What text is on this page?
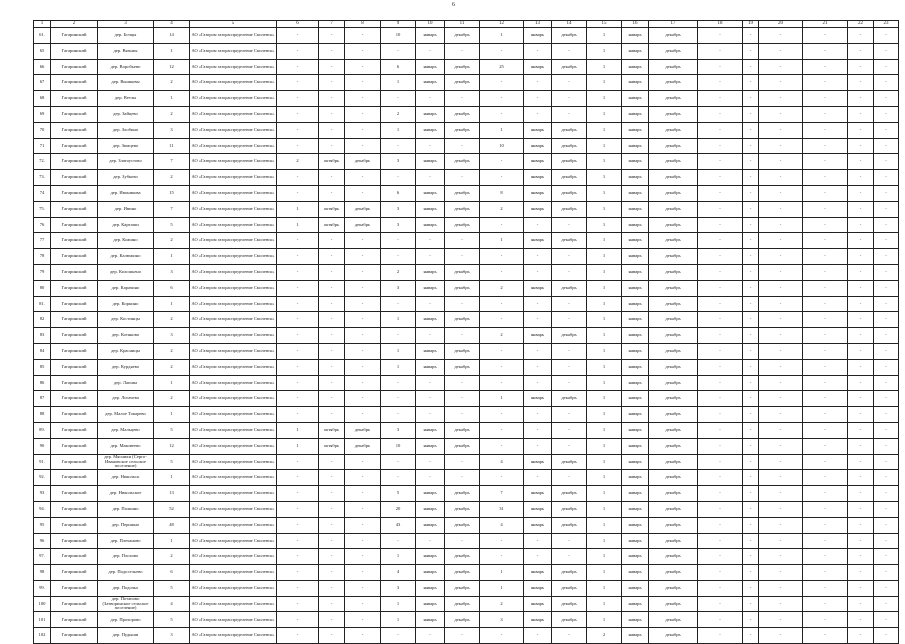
6
1	2	3	4	5	6	7	8	9	10	11	12	13	14	15	16	17	18	19	20	21	22	23
61.	Гагаринский	дер. Бочцы	14	АО «Газпром газораспределение Смоленск»	-	-	-	10	январь	декабрь	1	январь	декабрь	1	январь	декабрь	-	-	-	-	-	-
65	Гагаринский	дер. Вязьмы	1	АО «Газпром газораспределение Смоленск»	-	-	-	-	-	-	-	-	-	1	январь	декабрь	-	-	-	-	-	-
66	Гагаринский	дер. Воробьево	12	АО «Газпром газораспределение Смоленск»	-	-	-	6	январь	декабрь	25	январь	декабрь	1	январь	декабрь	-	-	-	-	-	-
67	Гагаринский	дер. Вышковы	2	АО «Газпром газораспределение Смоленск»	-	-	-	1	январь	декабрь	-	-	-	1	январь	декабрь	-	-	-	-	-	-
68	Гагаринский	дер. Ветлы	1	АО «Газпром газораспределение Смоленск»	-	-	-	-	-	-	-	-	-	1	январь	декабрь	-	-	-	-	-	-
69	Гагаринский	дер. Зайцево	2	АО «Газпром газораспределение Смоленск»	-	-	-	2	январь	декабрь	-	-	-	1	январь	декабрь	-	-	-	-	-	-
70	Гагаринский	дер. Злобино	3	АО «Газпром газораспределение Смоленск»	-	-	-	1	январь	декабрь	1	январь	декабрь	1	январь	декабрь	-	-	-	-	-	-
71	Гагаринский	дер. Зимцево	11	АО «Газпром газораспределение Смоленск»	-	-	-	-	-	-	10	январь	декабрь	1	январь	декабрь	-	-	-	-	-	-
72.	Гагаринский	дер. Златоустово	7	АО «Газпром газораспределение Смоленск»	2	октябрь	декабрь	3	январь	декабрь	-	январь	декабрь	1	январь	декабрь	-	-	-	-	-	-
73.	Гагаринский	дер. Зубково	2	АО «Газпром газораспределение Смоленск»	-	-	-	-	-	-	-	январь	декабрь	1	январь	декабрь	-	-	-	-	-	-
74	Гагаринский	дер. Ивоникова	15	АО «Газпром газораспределение Смоленск»	-	-	-	6	январь	декабрь	8	январь	декабрь	1	январь	декабрь	-	-	-	-	-	-
75.	Гагаринский	дер. Ивино	7	АО «Газпром газораспределение Смоленск»	1	октябрь	декабрь	3	январь	декабрь	2	январь	декабрь	1	январь	декабрь	-	-	-	-	-	-
76	Гагаринский	дер. Карташи	5	АО «Газпром газораспределение Смоленск»	1	октябрь	декабрь	3	январь	декабрь	-	-	-	1	январь	декабрь	-	-	-	-	-	-
77	Гагаринский	дер. Кожино	2	АО «Газпром газораспределение Смоленск»	-	-	-	-	-	-	1	январь	декабрь	1	январь	декабрь	-	-	-	-	-	-
78	Гагаринский	дер. Калюжино	1	АО «Газпром газораспределение Смоленск»	-	-	-	-	-	-	-	-	-	1	январь	декабрь	-	-	-	-	-	-
79	Гагаринский	дер. Колошьено	3	АО «Газпром газораспределение Смоленск»	-	-	-	2	январь	декабрь	-	-	-	1	январь	декабрь	-	-	-	-	-	-
80	Гагаринский	дер. Карачино	6	АО «Газпром газораспределение Смоленск»	-	-	-	3	январь	декабрь	2	январь	декабрь	1	январь	декабрь	-	-	-	-	-	-
81.	Гагаринский	дер. Коркино	1	АО «Газпром газораспределение Смоленск»	-	-	-	-	-	-	-	-	-	1	январь	декабрь	-	-	-	-	-	-
82	Гагаринский	дер. Костинцы	2	АО «Газпром газораспределение Смоленск»	-	-	-	1	январь	декабрь	-	-	-	1	январь	декабрь	-	-	-	-	-	-
83	Гагаринский	дер. Котяново	3	АО «Газпром газораспределение Смоленск»	-	-	-	-	-	-	2	январь	декабрь	1	январь	декабрь	-	-	-	-	-	-
84	Гагаринский	дер. Красницы	2	АО «Газпром газораспределение Смоленск»	-	-	-	1	январь	декабрь	-	-	-	1	январь	декабрь	-	-	-	-	-	-
85	Гагаринский	дер. Курдяево	2	АО «Газпром газораспределение Смоленск»	-	-	-	1	январь	декабрь	-	-	-	1	январь	декабрь	-	-	-	-	-	-
86	Гагаринский	дер. Лапшы	1	АО «Газпром газораспределение Смоленск»	-	-	-	-	-	-	-	-	-	1	январь	декабрь	-	-	-	-	-	-
87	Гагаринский	дер. Логачева	2	АО «Газпром газораспределение Смоленск»	-	-	-	-	-	-	1	январь	декабрь	1	январь	декабрь	-	-	-	-	-	-
88	Гагаринский	дер. Малое Токарево	1	АО «Газпром газораспределение Смоленск»	-	-	-	-	-	-	-	-	-	1	январь	декабрь	-	-	-	-	-	-
89.	Гагаринский	дер. Мальцево	5	АО «Газпром газораспределение Смоленск»	1	октябрь	декабрь	3	январь	декабрь	-	-	-	1	январь	декабрь	-	-	-	-	-	-
90	Гагаринский	дер. Маковеево	12	АО «Газпром газораспределение Смоленск»	1	октябрь	декабрь	10	январь	декабрь	-	-	-	1	январь	декабрь	-	-	-	-	-	-
91.	Гагаринский	дер. Мясники (Серго-Ивановское сельское поселение)	5	АО «Газпром газораспределение Смоленск»	-	-	-	-	-	-	4	январь	декабрь	1	январь	декабрь	-	-	-	-	-	-
92.	Гагаринский	дер. Никольск	1	АО «Газпром газораспределение Смоленск»	-	-	-	-	-	-	-	-	-	1	январь	декабрь	-	-	-	-	-	-
93	Гагаринский	дер. Никольское	13	АО «Газпром газораспределение Смоленск»	-	-	-	5	январь	декабрь	7	январь	декабрь	1	январь	декабрь	-	-	-	-	-	-
94.	Гагаринский	дер. Палкино	52	АО «Газпром газораспределение Смоленск»	-	-	-	20	январь	декабрь	31	январь	декабрь	1	январь	декабрь	-	-	-	-	-	-
95	Гагаринский	дер. Першино	48	АО «Газпром газораспределение Смоленск»	-	-	-	43	январь	декабрь	4	январь	декабрь	1	январь	декабрь	-	-	-	-	-	-
96	Гагаринский	дер. Плеханово	1	АО «Газпром газораспределение Смоленск»	-	-	-	-	-	-	-	-	-	1	январь	декабрь	-	-	-	-	-	-
97.	Гагаринский	дер. Плохово	2	АО «Газпром газораспределение Смоленск»	-	-	-	1	январь	декабрь	-	-	-	1	январь	декабрь	-	-	-	-	-	-
98	Гагаринский	дер. Подосельево	6	АО «Газпром газораспределение Смоленск»	-	-	-	4	январь	декабрь	1	январь	декабрь	1	январь	декабрь	-	-	-	-	-	-
99.	Гагаринский	дер. Подочьо	5	АО «Газпром газораспределение Смоленск»	-	-	-	3	январь	декабрь	1	январь	декабрь	1	январь	декабрь	-	-	-	-	-	-
100	Гагаринский	дер. Потапово (Затворинское сельское поселение)	4	АО «Газпром газораспределение Смоленск»	-	-	-	1	январь	декабрь	2	январь	декабрь	1	январь	декабрь	-	-	-	-	-	-
101	Гагаринский	дер. Прохорово	5	АО «Газпром газораспределение Смоленск»	-	-	-	1	январь	декабрь	3	январь	декабрь	1	январь	декабрь	-	-	-	-	-	-
102	Гагаринский	дер. Пудыши	3	АО «Газпром газораспределение Смоленск»	-	-	-	-	-	-	-	-	-	2	январь	декабрь	-	-	-	-	-	-
